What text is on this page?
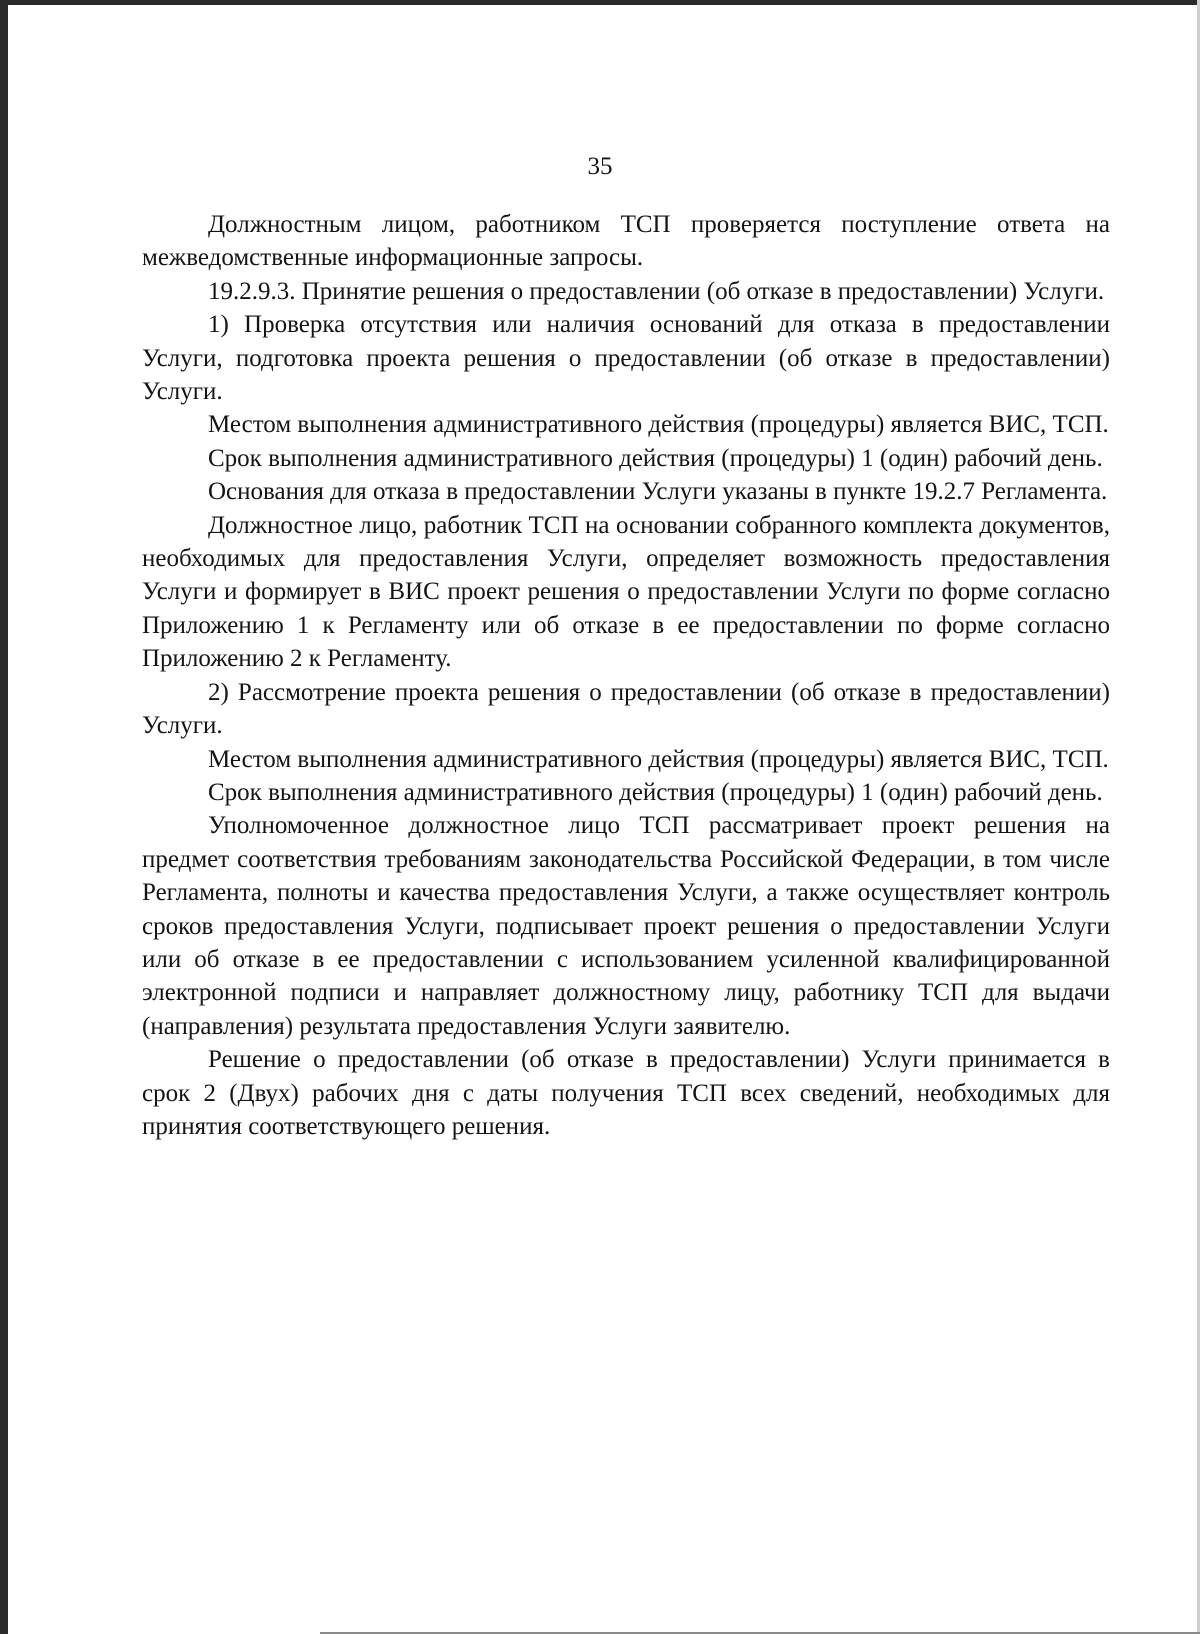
35

Должностным лицом, работником ТСП проверяется поступление ответа на межведомственные информационные запросы.

19.2.9.3. Принятие решения о предоставлении (об отказе в предоставлении) Услуги.

1) Проверка отсутствия или наличия оснований для отказа в предоставлении Услуги, подготовка проекта решения о предоставлении (об отказе в предоставлении) Услуги.

Местом выполнения административного действия (процедуры) является ВИС, ТСП.

Срок выполнения административного действия (процедуры) 1 (один) рабочий день.

Основания для отказа в предоставлении Услуги указаны в пункте 19.2.7 Регламента.

Должностное лицо, работник ТСП на основании собранного комплекта документов, необходимых для предоставления Услуги, определяет возможность предоставления Услуги и формирует в ВИС проект решения о предоставлении Услуги по форме согласно Приложению 1 к Регламенту или об отказе в ее предоставлении по форме согласно Приложению 2 к Регламенту.

2) Рассмотрение проекта решения о предоставлении (об отказе в предоставлении) Услуги.

Местом выполнения административного действия (процедуры) является ВИС, ТСП.

Срок выполнения административного действия (процедуры) 1 (один) рабочий день.

Уполномоченное должностное лицо ТСП рассматривает проект решения на предмет соответствия требованиям законодательства Российской Федерации, в том числе Регламента, полноты и качества предоставления Услуги, а также осуществляет контроль сроков предоставления Услуги, подписывает проект решения о предоставлении Услуги или об отказе в ее предоставлении с использованием усиленной квалифицированной электронной подписи и направляет должностному лицу, работнику ТСП для выдачи (направления) результата предоставления Услуги заявителю.

Решение о предоставлении (об отказе в предоставлении) Услуги принимается в срок 2 (Двух) рабочих дня с даты получения ТСП всех сведений, необходимых для принятия соответствующего решения.
